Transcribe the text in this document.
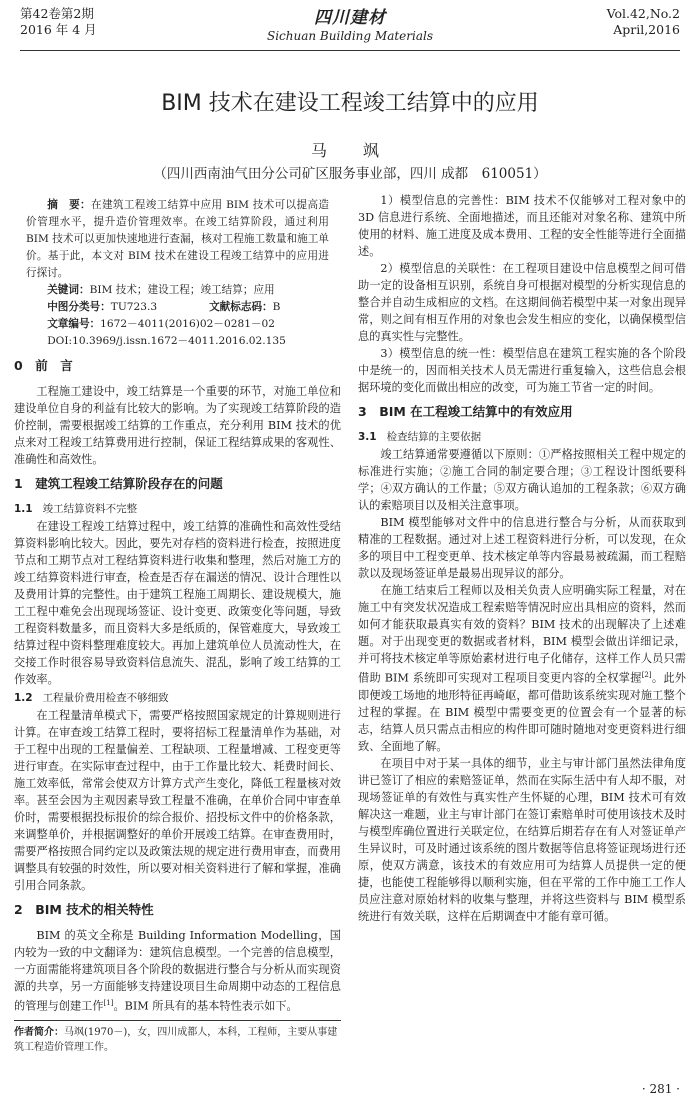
第42卷第2期
2016 年 4 月
四川建材
Sichuan Building Materials
Vol.42,No.2
April,2016
BIM 技术在建设工程竣工结算中的应用
马　飒
（四川西南油气田分公司矿区服务事业部，四川 成都　610051）

摘　要：在建筑工程竣工结算中应用 BIM 技术可以提高造价管理水平，提升造价管理效率。在竣工结算阶段，通过利用 BIM 技术可以更加快速地进行查漏，核对工程施工数量和施工单价。基于此，本文对 BIM 技术在建设工程竣工结算中的应用进行探讨。

关键词：BIM 技术；建设工程；竣工结算；应用

中图分类号：TU723.3	文献标志码：B

文章编号：1672－4011(2016)02－0281－02

DOI:10.3969/j.issn.1672－4011.2016.02.135

0　前　言

工程施工建设中，竣工结算是一个重要的环节，对施工单位和建设单位自身的利益有比较大的影响。为了实现竣工结算阶段的造价控制，需要根据竣工结算的工作重点，充分利用 BIM 技术的优点来对工程竣工结算费用进行控制，保证工程结算成果的客观性、准确性和高效性。

1　建筑工程竣工结算阶段存在的问题
1.1 竣工结算资料不完整

在建设工程竣工结算过程中，竣工结算的准确性和高效性受结算资料影响比较大。因此，要先对存档的资料进行检查，按照进度节点和工期节点对工程结算资料进行收集和整理，然后对施工方的竣工结算资料进行审查，检查是否存在漏送的情况、设计合理性以及费用计算的完整性。由于建筑工程施工周期长、建设规模大，施工工程中难免会出现现场签证、设计变更、政策变化等问题，导致工程资料数量多，而且资料大多是纸质的，保管难度大，导致竣工结算过程中资料整理难度较大。再加上建筑单位人员流动性大，在交接工作时很容易导致资料信息流失、混乱，影响了竣工结算的工作效率。

1.2 工程量价费用检查不够细致

在工程量清单模式下，需要严格按照国家规定的计算规则进行计算。在审查竣工结算工程时，要将招标工程量清单作为基础，对于工程中出现的工程量偏差、工程缺项、工程量增减、工程变更等进行审查。在实际审查过程中，由于工作量比较大、耗费时间长、施工效率低，常常会使双方计算方式产生变化，降低工程量核对效率。甚至会因为主观因素导致工程量不准确，在单价合同中审查单价时，需要根据投标报价的综合报价、招投标文件中的价格条款，来调整单价，并根据调整好的单价开展竣工结算。在审查费用时，需要严格按照合同约定以及政策法规的规定进行费用审查，而费用调整具有较强的时效性，所以要对相关资料进行了解和掌握，准确引用合同条款。

2　BIM 技术的相关特性

BIM 的英文全称是 Building Information Modelling，国内较为一致的中文翻译为：建筑信息模型。一个完善的信息模型，一方面需能将建筑项目各个阶段的数据进行整合与分析从而实现资源的共享，另一方面能够支持建设项目生命周期中动态的工程信息的管理与创建工作[1]。BIM 所具有的基本特性表示如下。

1）模型信息的完善性：BIM 技术不仅能够对工程对象中的 3D 信息进行系统、全面地描述，而且还能对对象名称、建筑中所使用的材料、施工进度及成本费用、工程的安全性能等进行全面描述。

2）模型信息的关联性：在工程项目建设中信息模型之间可借助一定的设备相互识别，系统自身可根据对模型的分析实现信息的整合并自动生成相应的文档。在这期间倘若模型中某一对象出现异常，则之间有相互作用的对象也会发生相应的变化，以确保模型信息的真实性与完整性。

3）模型信息的统一性：模型信息在建筑工程实施的各个阶段中是统一的，因而相关技术人员无需进行重复输入，这些信息会根据环境的变化而做出相应的改变，可为施工节省一定的时间。

3　BIM 在工程竣工结算中的有效应用
3.1 检查结算的主要依据

竣工结算通常要遵循以下原则：①严格按照相关工程中规定的标准进行实施；②施工合同的制定要合理；③工程设计图纸要科学；④双方确认的工作量；⑤双方确认追加的工程条款；⑥双方确认的索赔项目以及相关注意事项。

BIM 模型能够对文件中的信息进行整合与分析，从而获取到精准的工程数据。通过对上述工程资料进行分析，可以发现，在众多的项目中工程变更单、技术核定单等内容最易被疏漏，而工程赔款以及现场签证单是最易出现异议的部分。

在施工结束后工程师以及相关负责人应明确实际工程量，对在施工中有突发状况造成工程索赔等情况时应出具相应的资料，然而如何才能获取最真实有效的资料？BIM 技术的出现解决了上述难题。对于出现变更的数据或者材料，BIM 模型会做出详细记录，并可将技术核定单等原始素材进行电子化储存，这样工作人员只需借助 BIM 系统即可实现对工程项目变更内容的全权掌握[2]。此外即便竣工场地的地形特征再崎岖，都可借助该系统实现对施工整个过程的掌握。在 BIM 模型中需要变更的位置会有一个显著的标志，结算人员只需点击相应的构件即可随时随地对变更资料进行细致、全面地了解。

在项目中对于某一具体的细节，业主与审计部门虽然法律角度讲已签订了相应的索赔签证单，然而在实际生活中有人却不服，对现场签证单的有效性与真实性产生怀疑的心理，BIM 技术可有效解决这一难题，业主与审计部门在签订索赔单时可使用该技术及时与模型库确位置进行关联定位，在结算后期若存在有人对签证单产生异议时，可及时通过该系统的图片数据等信息将签证现场进行还原，使双方满意，该技术的有效应用可为结算人员提供一定的便捷，也能使工程能够得以顺利实施，但在平常的工作中施工工作人员应注意对原始材料的收集与整理，并将这些资料与 BIM 模型系统进行有效关联，这样在后期调查中才能有章可循。

作者简介：马飒(1970－)，女，四川成都人，本科，工程师，主要从事建筑工程造价管理工作。
· 281 ·
